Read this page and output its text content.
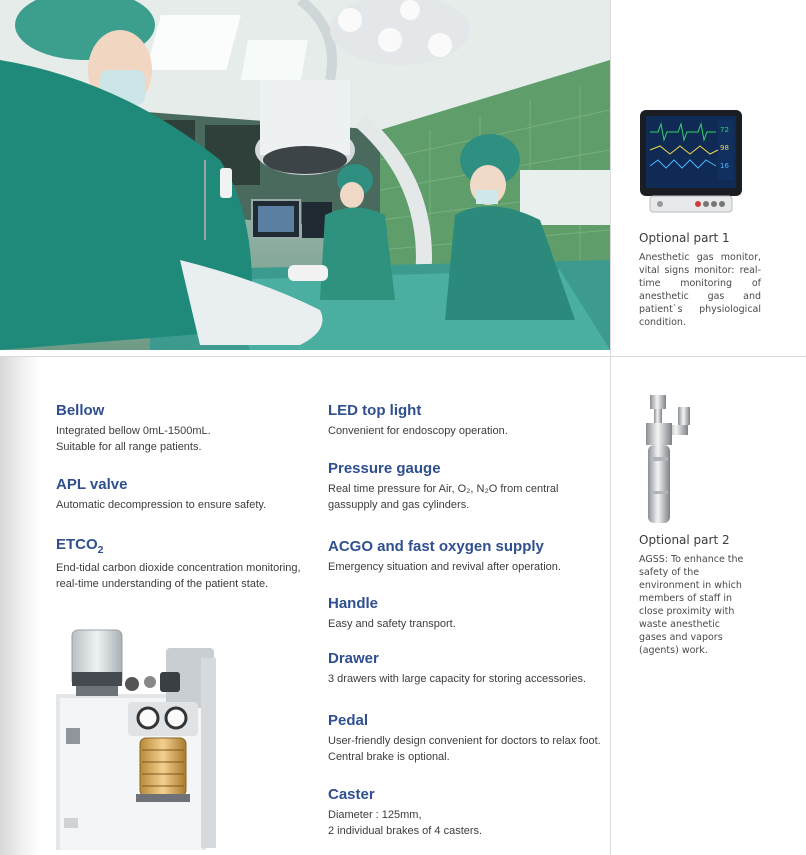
72
98
16

Optional part 1

Anesthetic gas monitor, vital signs monitor: real-time monitoring of anesthetic gas and patient`s physiological condition.

Optional part 2

AGSS: To enhance the safety of the environment in which members of staff in close proximity with waste anesthetic gases and vapors (agents) work.

Bellow

Integrated bellow 0mL-1500mL.
Suitable for all range patients.

APL valve

Automatic decompression to ensure safety.

$ETCO_2$

End-tidal carbon dioxide concentration monitoring,
real-time understanding of the patient state.

LED top light

Convenient for endoscopy operation.

Pressure gauge

Real time pressure for Air, O₂, N₂O from central
gassupply and gas cylinders.

ACGO and fast oxygen supply

Emergency situation and revival after operation.

Handle

Easy and safety transport.

Drawer

3 drawers with large capacity for storing accessories.

Pedal

User-friendly design convenient for doctors to relax foot.
Central brake is optional.

Caster

Diameter : 125mm,
2 individual brakes of 4 casters.
